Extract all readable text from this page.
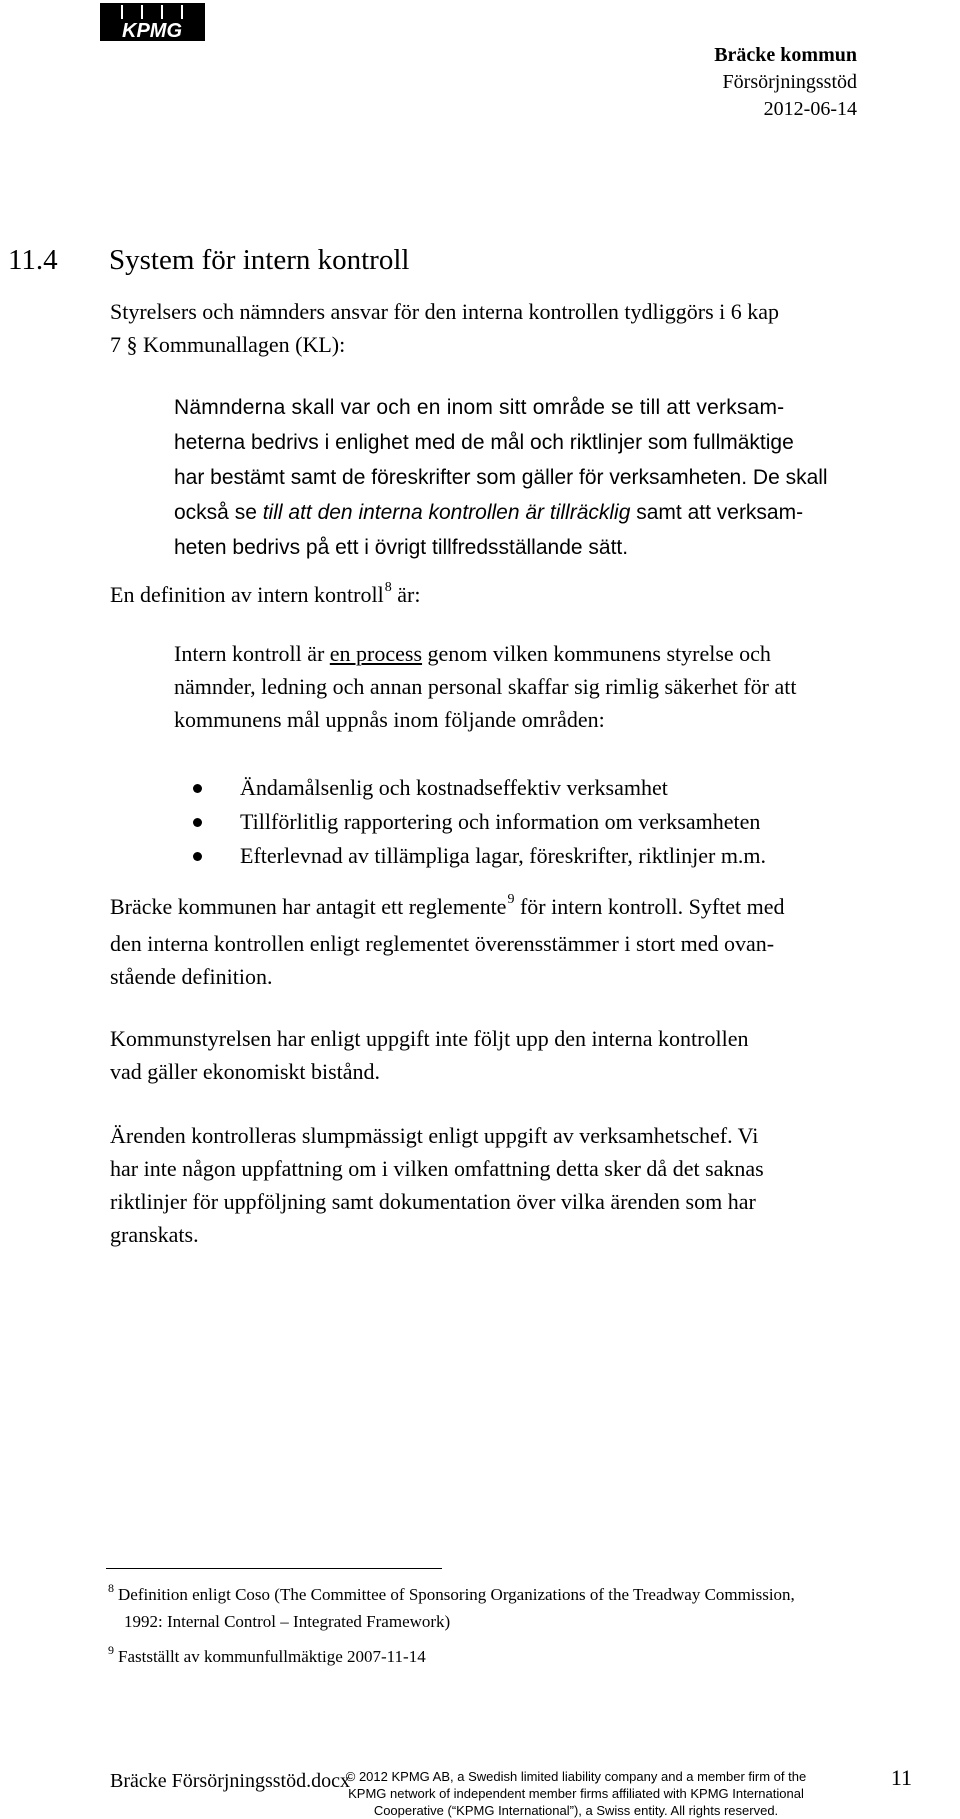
KPMG
Bräcke kommun
Försörjningsstöd
2012-06-14
11.4 System för intern kontroll
Styrelsers och nämnders ansvar för den interna kontrollen tydliggörs i 6 kap
7 § Kommunallagen (KL):
Nämnderna skall var och en inom sitt område se till att verksam-
heterna bedrivs i enlighet med de mål och riktlinjer som fullmäktige
har bestämt samt de föreskrifter som gäller för verksamheten. De skall
också se till att den interna kontrollen är tillräcklig samt att verksam-
heten bedrivs på ett i övrigt tillfredsställande sätt.
En definition av intern kontroll$^8$ är:
Intern kontroll är en process genom vilken kommunens styrelse och
nämnder, ledning och annan personal skaffar sig rimlig säkerhet för att
kommunens mål uppnås inom följande områden:
Ändamålsenlig och kostnadseffektiv verksamhet
Tillförlitlig rapportering och information om verksamheten
Efterlevnad av tillämpliga lagar, föreskrifter, riktlinjer m.m.
Bräcke kommunen har antagit ett reglemente$^9$ för intern kontroll. Syftet med
den interna kontrollen enligt reglementet överensstämmer i stort med ovan-
stående definition.
Kommunstyrelsen har enligt uppgift inte följt upp den interna kontrollen
vad gäller ekonomiskt bistånd.
Ärenden kontrolleras slumpmässigt enligt uppgift av verksamhetschef. Vi
har inte någon uppfattning om i vilken omfattning detta sker då det saknas
riktlinjer för uppföljning samt dokumentation över vilka ärenden som har
granskats.
$^8$ Definition enligt Coso (The Committee of Sponsoring Organizations of the Treadway Commission,
1992: Internal Control – Integrated Framework)
$^9$ Fastställt av kommunfullmäktige 2007-11-14
Bräcke Försörjningsstöd.docx	11
© 2012 KPMG AB, a Swedish limited liability company and a member firm of the
KPMG network of independent member firms affiliated with KPMG International
Cooperative (“KPMG International”), a Swiss entity. All rights reserved.
